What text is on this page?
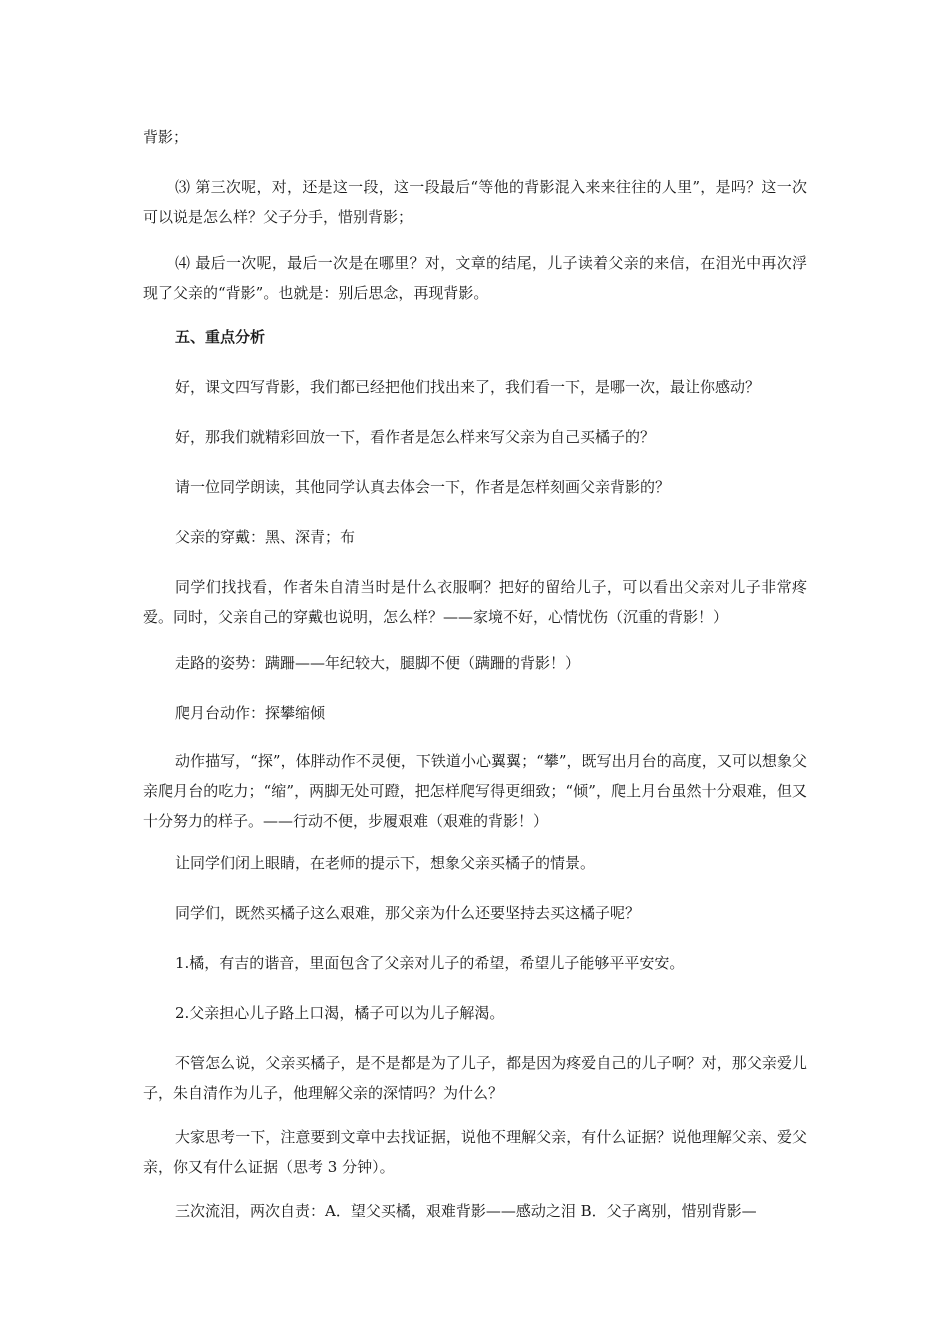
背影；

⑶ 第三次呢，对，还是这一段，这一段最后“等他的背影混入来来往往的人里”，是吗？这一次可以说是怎么样？父子分手，惜别背影；

⑷ 最后一次呢，最后一次是在哪里？对，文章的结尾，儿子读着父亲的来信，在泪光中再次浮现了父亲的“背影”。也就是：别后思念，再现背影。

五、重点分析

好，课文四写背影，我们都已经把他们找出来了，我们看一下，是哪一次，最让你感动？

好，那我们就精彩回放一下，看作者是怎么样来写父亲为自己买橘子的？

请一位同学朗读，其他同学认真去体会一下，作者是怎样刻画父亲背影的？

父亲的穿戴：黑、深青；布

同学们找找看，作者朱自清当时是什么衣服啊？把好的留给儿子，可以看出父亲对儿子非常疼爱。同时，父亲自己的穿戴也说明，怎么样？——家境不好，心情忧伤（沉重的背影！）

走路的姿势：蹒跚——年纪较大，腿脚不便（蹒跚的背影！）

爬月台动作：探攀缩倾

动作描写，“探”，体胖动作不灵便，下铁道小心翼翼；“攀”，既写出月台的高度，又可以想象父亲爬月台的吃力；“缩”，两脚无处可蹬，把怎样爬写得更细致；“倾”，爬上月台虽然十分艰难，但又十分努力的样子。——行动不便，步履艰难（艰难的背影！）

让同学们闭上眼睛，在老师的提示下，想象父亲买橘子的情景。

同学们，既然买橘子这么艰难，那父亲为什么还要坚持去买这橘子呢？

1.橘，有吉的谐音，里面包含了父亲对儿子的希望，希望儿子能够平平安安。

2.父亲担心儿子路上口渴，橘子可以为儿子解渴。

不管怎么说，父亲买橘子，是不是都是为了儿子，都是因为疼爱自己的儿子啊？对，那父亲爱儿子，朱自清作为儿子，他理解父亲的深情吗？为什么？

大家思考一下，注意要到文章中去找证据，说他不理解父亲，有什么证据？说他理解父亲、爱父亲，你又有什么证据（思考 3 分钟）。

三次流泪，两次自责：A．望父买橘，艰难背影——感动之泪 B．父子离别，惜别背影—
